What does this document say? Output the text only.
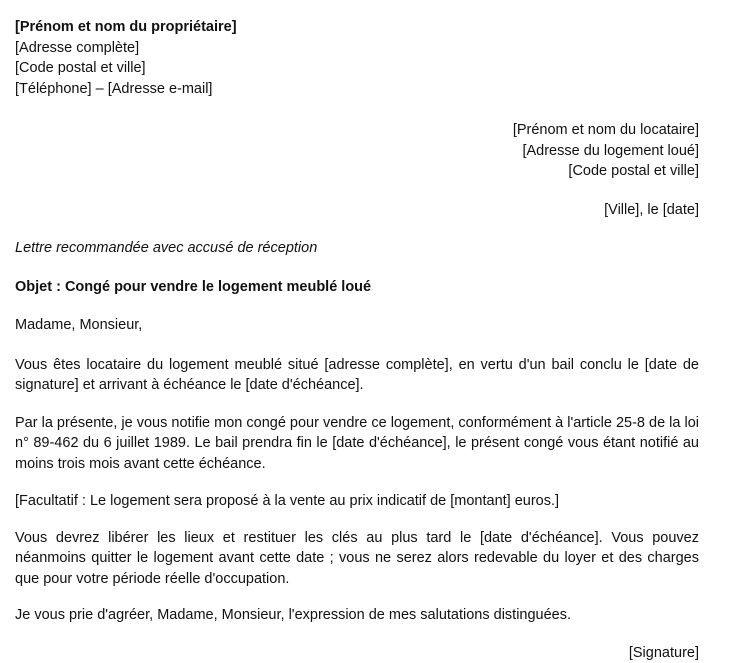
[Prénom et nom du propriétaire]
[Adresse complète]
[Code postal et ville]
[Téléphone] – [Adresse e-mail]
[Prénom et nom du locataire]
[Adresse du logement loué]
[Code postal et ville]
[Ville], le [date]
Lettre recommandée avec accusé de réception
Objet : Congé pour vendre le logement meublé loué
Madame, Monsieur,

Vous êtes locataire du logement meublé situé [adresse complète], en vertu d'un bail conclu le [date de signature] et arrivant à échéance le [date d'échéance].

Par la présente, je vous notifie mon congé pour vendre ce logement, conformément à l'article 25-8 de la loi n° 89-462 du 6 juillet 1989. Le bail prendra fin le [date d'échéance], le présent congé vous étant notifié au moins trois mois avant cette échéance.

[Facultatif : Le logement sera proposé à la vente au prix indicatif de [montant] euros.]

Vous devrez libérer les lieux et restituer les clés au plus tard le [date d'échéance]. Vous pouvez néanmoins quitter le logement avant cette date ; vous ne serez alors redevable du loyer et des charges que pour votre période réelle d'occupation.

Je vous prie d'agréer, Madame, Monsieur, l'expression de mes salutations distinguées.

[Signature]
